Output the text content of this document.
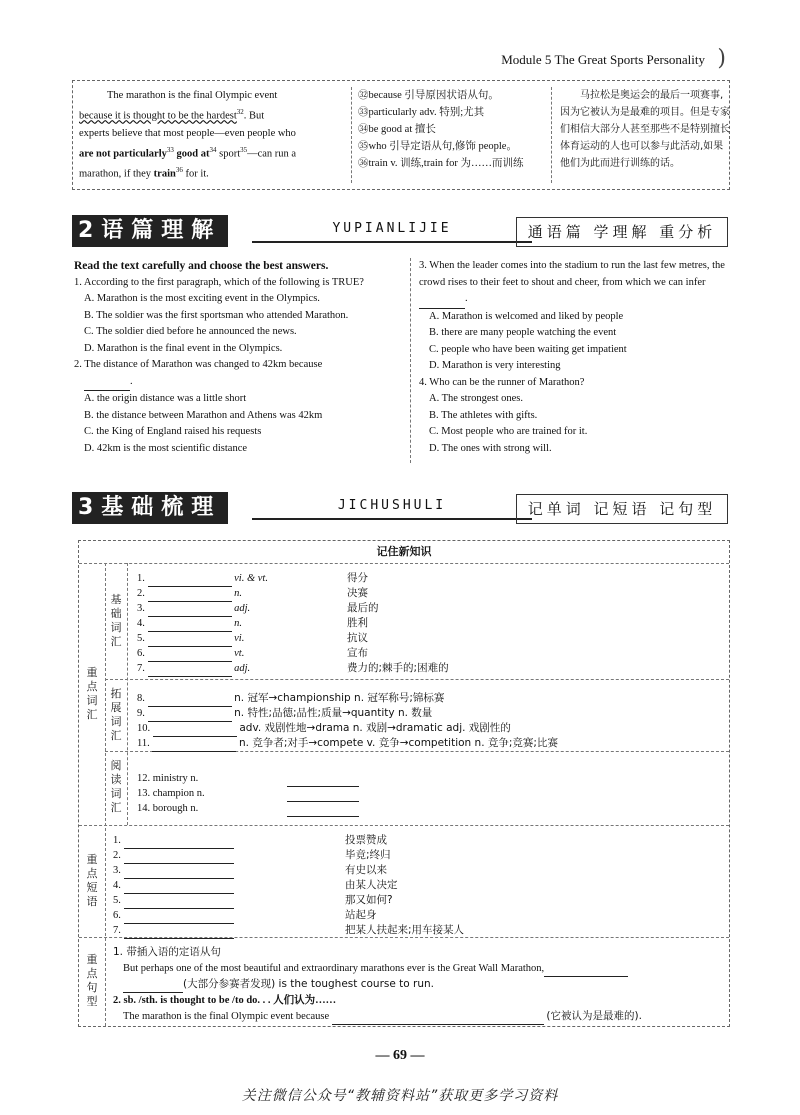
Module 5 The Great Sports Personality )
The marathon is the final Olympic event
because it is thought to be the hardest$^{32}$. But
experts believe that most people—even people who
are not particularly$^{33}$ good $at^{34}$ sport$^{35}$—can run a
marathon, if they train$^{36}$ for it.
㉜because 引导原因状语从句。
㉝particularly adv. 特别;尤其
㉞be good at 擅长
㉟who 引导定语从句,修饰 people。
㊱train v. 训练,train for 为……而训练
马拉松是奥运会的最后一项赛事,因为它被认为是最难的项目。但是专家们相信大部分人甚至那些不是特别擅长体育运动的人也可以参与此活动,如果他们为此而进行训练的话。
2语篇理解	YUPIANLIJIE	通语篇 学理解 重分析
Read the text carefully and choose the best answers.
1. According to the first paragraph, which of the following is TRUE?
A. Marathon is the most exciting event in the Olympics.
B. The soldier was the first sportsman who attended Marathon.
C. The soldier died before he announced the news.
D. Marathon is the final event in the Olympics.
2. The distance of Marathon was changed to 42km because
.
A. the origin distance was a little short
B. the distance between Marathon and Athens was 42km
C. the King of England raised his requests
D. 42km is the most scientific distance
3. When the leader comes into the stadium to run the last few metres, the crowd rises to their feet to shout and cheer, from which we can infer  .
A. Marathon is welcomed and liked by people
B. there are many people watching the event
C. people who have been waiting get impatient
D. Marathon is very interesting
4. Who can be the runner of Marathon?
A. The strongest ones.
B. The athletes with gifts.
C. Most people who are trained for it.
D. The ones with strong will.
3基础梳理	JICHUSHULI	记单词 记短语 记句型
记住新知识
重点词汇
基础词汇
拓展词汇
阅读词汇
重点短语
重点句型
1.	vi. & vt.	得分
2.	n.	决赛
3.	adj.	最后的
4.	n.	胜利
5.	vi.	抗议
6.	vt.	宣布
7.	adj.	费力的;棘手的;困难的
8.	n. 冠军→championship n. 冠军称号;锦标赛
9.	n. 特性;品德;品性;质量→quantity n. 数量
10.	adv. 戏剧性地→drama n. 戏剧→dramatic adj. 戏剧性的
11.	n. 竞争者;对手→compete v. 竞争→competition n. 竞争;竞赛;比赛
12. ministry n.
13. champion n.
14. borough n.
1.	投票赞成
2.	毕竟;终归
3.	有史以来
4.	由某人决定
5.	那又如何?
6.	站起身
7.	把某人扶起来;用车接某人
1. 带插入语的定语从句
But perhaps one of the most beautiful and extraordinary marathons ever is the Great Wall Marathon,
(大部分参赛者发现) is the toughest course to run.
2. sb. /sth. is thought to be /to do. . . 人们认为……
The marathon is the final Olympic event because	(它被认为是最难的).
— 69 —
关注微信公众号“教辅资料站”获取更多学习资料
